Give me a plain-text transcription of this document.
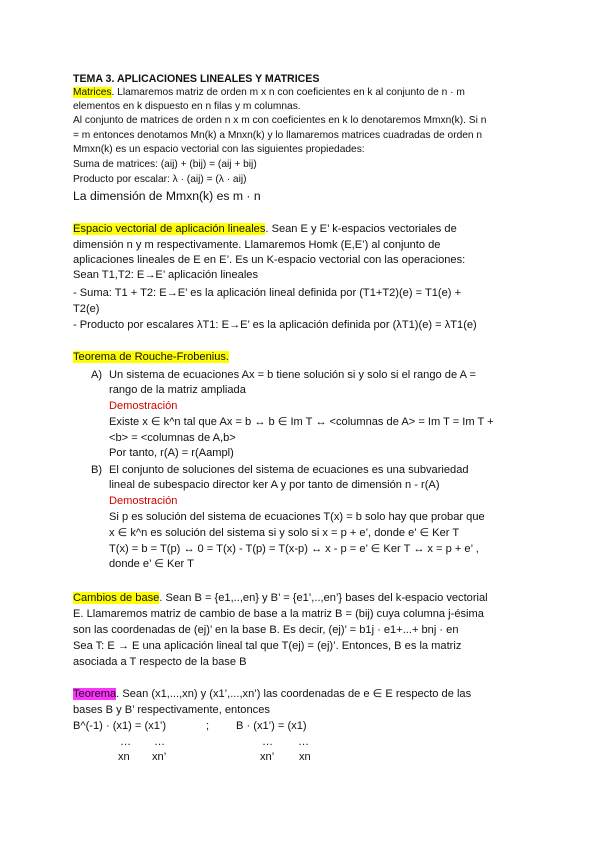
TEMA 3. APLICACIONES LINEALES Y MATRICES
Matrices. Llamaremos matriz de orden m x n con coeficientes en k al conjunto de n · m
elementos en k dispuesto en n filas y m columnas.
Al conjunto de matrices de orden n x m con coeficientes en k lo denotaremos Mmxn(k). Si n
= m entonces denotamos Mn(k) a Mnxn(k) y lo llamaremos matrices cuadradas de orden n
Mmxn(k) es un espacio vectorial con las siguientes propiedades:
Suma de matrices: (aij) + (bij) = (aij + bij)
Producto por escalar: λ · (aij) = (λ · aij)
La dimensión de Mmxn(k) es m · n
Espacio vectorial de aplicación lineales. Sean E y E’ k-espacios vectoriales de
dimensión n y m respectivamente. Llamaremos Homk (E,E’) al conjunto de
aplicaciones lineales de E en E’. Es un K-espacio vectorial con las operaciones:
Sean T1,T2: E→E’ aplicación lineales
- Suma: T1 + T2: E→E’ es la aplicación lineal definida por (T1+T2)(e) = T1(e) +
T2(e)
- Producto por escalares λT1: E→E’ es la aplicación definida por (λT1)(e) = λT1(e)
Teorema de Rouche-Frobenius.
A) Un sistema de ecuaciones Ax = b tiene solución si y solo si el rango de A =
rango de la matriz ampliada
Demostración
Existe x ∈ k^n tal que Ax = b ↔ b ∈ Im T ↔ <columnas de A> = Im T = Im T +
<b> = <columnas de A,b>
Por tanto, r(A) = r(Aampl)
B) El conjunto de soluciones del sistema de ecuaciones es una subvariedad
lineal de subespacio director ker A y por tanto de dimensión n - r(A)
Demostración
Si p es solución del sistema de ecuaciones T(x) = b solo hay que probar que
x ∈ k^n es solución del sistema si y solo si x = p + e’, donde e’ ∈ Ker T
T(x) = b = T(p) ↔ 0 = T(x) - T(p) = T(x-p) ↔ x - p = e’ ∈ Ker T ↔ x = p + e’ ,
donde e’ ∈ Ker T
Cambios de base. Sean B = {e1,..,en} y B’ = {e1’,..,en’} bases del k-espacio vectorial
E. Llamaremos matriz de cambio de base a la matriz B = (bij) cuya columna j-ésima
son las coordenadas de (ej)’ en la base B. Es decir, (ej)’ = b1j · e1+...+ bnj · en
Sea T: E → E una aplicación lineal tal que T(ej) = (ej)’. Entonces, B es la matriz
asociada a T respecto de la base B
Teorema. Sean (x1,...,xn) y (x1’,...,xn’) las coordenadas de e ∈ E respecto de las
bases B y B’ respectivamente, entonces
B^(-1) · (x1) = (x1’)	; B · (x1’) = (x1)
… …	… …
xn xn’	xn’ xn
